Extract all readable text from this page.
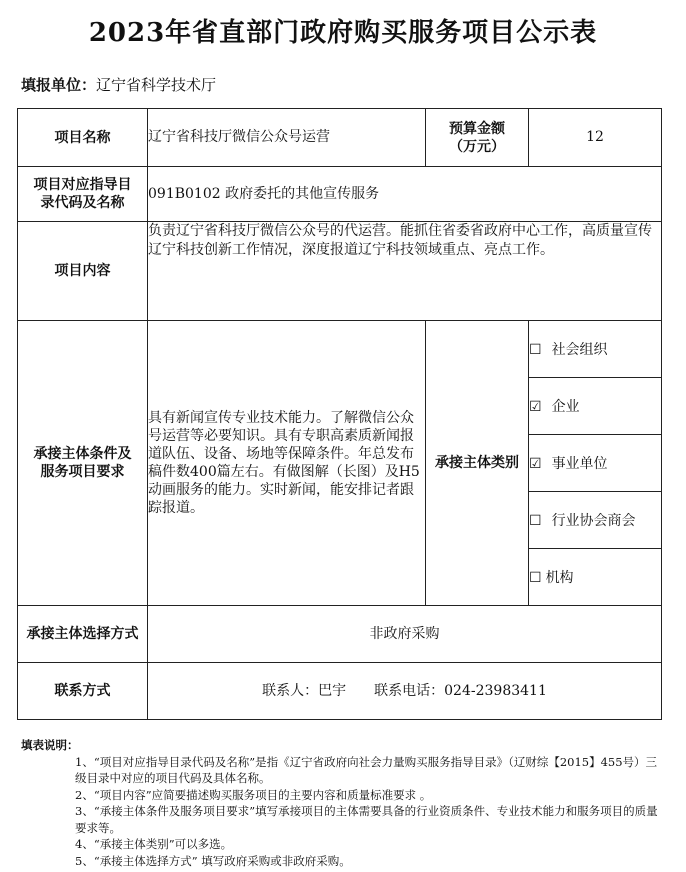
2023年省直部门政府购买服务项目公示表
填报单位：辽宁省科学技术厅
项目名称	辽宁省科技厅微信公众号运营	预算金额
（万元）	12
项目对应指导目
录代码及名称	091B0102 政府委托的其他宣传服务		
项目内容	负责辽宁省科技厅微信公众号的代运营。能抓住省委省政府中心工作，高质量宣传辽宁科技创新工作情况，深度报道辽宁科技领域重点、亮点工作。		
承接主体条件及
服务项目要求	具有新闻宣传专业技术能力。了解微信公众号运营等必要知识。具有专职高素质新闻报道队伍、设备、场地等保障条件。年总发布稿件数400篇左右。有做图解（长图）及H5 动画服务的能力。实时新闻，能安排记者跟踪报道。	承接主体类别	☐ 社会组织
			☑ 企业
			☑ 事业单位
			☐ 行业协会商会
			☐ 机构
承接主体选择方式	非政府采购		
联系方式	联系人：巴宇　　联系电话：024-23983411		
填表说明：
1、“项目对应指导目录代码及名称”是指《辽宁省政府向社会力量购买服务指导目录》（辽财综【2015】455号）三级目录中对应的项目代码及具体名称。
2、“项目内容”应简要描述购买服务项目的主要内容和质量标准要求 。
3、“承接主体条件及服务项目要求”填写承接项目的主体需要具备的行业资质条件、专业技术能力和服务项目的质量要求等。
4、“承接主体类别”可以多选。
5、“承接主体选择方式” 填写政府采购或非政府采购。
